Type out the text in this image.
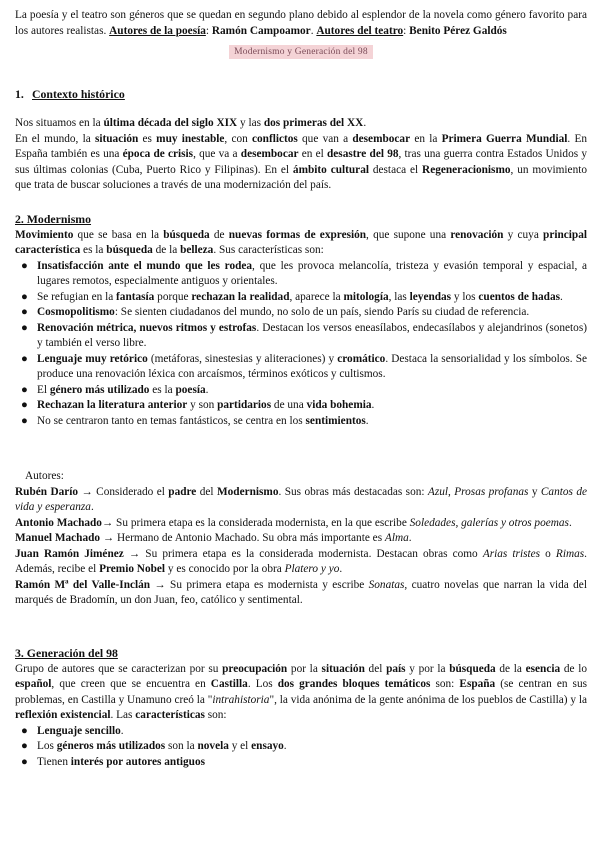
La poesía y el teatro son géneros que se quedan en segundo plano debido al esplendor de la novela como género favorito para los autores realistas. Autores de la poesía: Ramón Campoamor. Autores del teatro: Benito Pérez Galdós

Modernismo y Generación del 98
1. Contexto histórico

Nos situamos en la última década del siglo XIX y las dos primeras del XX.

En el mundo, la situación es muy inestable, con conflictos que van a desembocar en la Primera Guerra Mundial. En España también es una época de crisis, que va a desembocar en el desastre del 98, tras una guerra contra Estados Unidos y sus últimas colonias (Cuba, Puerto Rico y Filipinas). En el ámbito cultural destaca el Regeneracionismo, un movimiento que trata de buscar soluciones a través de una modernización del país.

2. Modernismo

Movimiento que se basa en la búsqueda de nuevas formas de expresión, que supone una renovación y cuya principal característica es la búsqueda de la belleza. Sus características son:

● Insatisfacción ante el mundo que les rodea, que les provoca melancolía, tristeza y evasión temporal y espacial, a lugares remotos, especialmente antiguos y orientales.
● Se refugian en la fantasía porque rechazan la realidad, aparece la mitología, las leyendas y los cuentos de hadas.
● Cosmopolitismo: Se sienten ciudadanos del mundo, no solo de un país, siendo París su ciudad de referencia.
● Renovación métrica, nuevos ritmos y estrofas. Destacan los versos eneasílabos, endecasílabos y alejandrinos (sonetos) y también el verso libre.
● Lenguaje muy retórico (metáforas, sinestesias y aliteraciones) y cromático. Destaca la sensorialidad y los símbolos. Se produce una renovación léxica con arcaísmos, términos exóticos y cultismos.
● El género más utilizado es la poesía.
● Rechazan la literatura anterior y son partidarios de una vida bohemia.
● No se centraron tanto en temas fantásticos, se centra en los sentimientos.

Autores:

Rubén Darío → Considerado el padre del Modernismo. Sus obras más destacadas son: Azul, Prosas profanas y Cantos de vida y esperanza.

Antonio Machado→ Su primera etapa es la considerada modernista, en la que escribe Soledades, galerías y otros poemas.

Manuel Machado → Hermano de Antonio Machado. Su obra más importante es Alma.

Juan Ramón Jiménez → Su primera etapa es la considerada modernista. Destacan obras como Arias tristes o Rimas. Además, recibe el Premio Nobel y es conocido por la obra Platero y yo.

Ramón Mª del Valle-Inclán → Su primera etapa es modernista y escribe Sonatas, cuatro novelas que narran la vida del marqués de Bradomín, un don Juan, feo, católico y sentimental.

3. Generación del 98

Grupo de autores que se caracterizan por su preocupación por la situación del país y por la búsqueda de la esencia de lo español, que creen que se encuentra en Castilla. Los dos grandes bloques temáticos son: España (se centran en sus problemas, en Castilla y Unamuno creó la "intrahistoria", la vida anónima de la gente anónima de los pueblos de Castilla) y la reflexión existencial. Las características son:

● Lenguaje sencillo.
● Los géneros más utilizados son la novela y el ensayo.
● Tienen interés por autores antiguos
